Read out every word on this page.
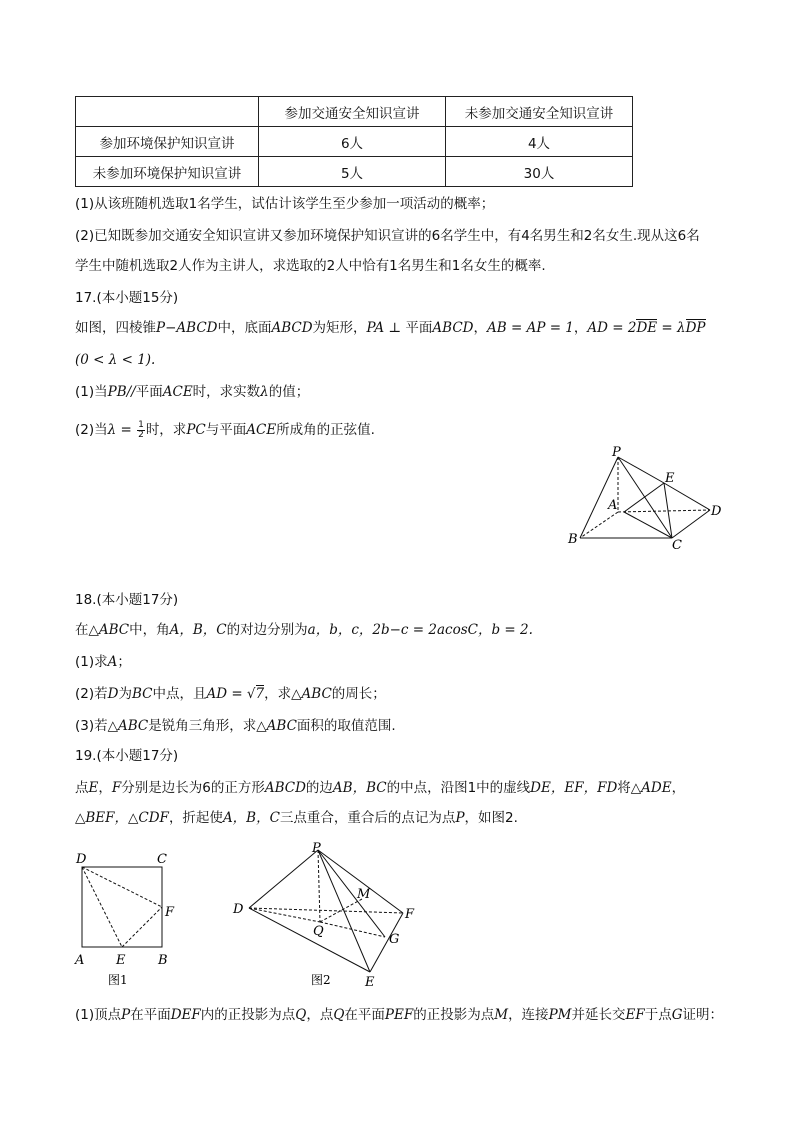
	参加交通安全知识宣讲	未参加交通安全知识宣讲
参加环境保护知识宣讲	6人	4人
未参加环境保护知识宣讲	5人	30人
(1)从该班随机选取1名学生，试估计该学生至少参加一项活动的概率；
(2)已知既参加交通安全知识宣讲又参加环境保护知识宣讲的6名学生中，有4名男生和2名女生.现从这6名
学生中随机选取2人作为主讲人，求选取的2人中恰有1名男生和1名女生的概率.
17.(本小题15分)
如图，四棱锥P−ABCD中，底面ABCD为矩形，PA ⊥ 平面ABCD，AB = AP = 1，AD = 2DE = λDP
(0 < λ < 1).
(1)当PB//平面ACE时，求实数λ的值；
(2)当$\lambda = \frac{1}{2}$ 时，求PC与平面ACE所成角的正弦值.
P
E
A	D
B	C
18.(本小题17分)
在△ABC中，角A，B，C的对边分别为a，b，c，2b−c = 2acosC，b = 2.
(1)求A；
(2)若D为BC中点，且AD = √7，求△ABC的周长；
(3)若△ABC是锐角三角形，求△ABC面积的取值范围.
19.(本小题17分)
点E，F分别是边长为6的正方形ABCD的边AB，BC的中点，沿图1中的虚线DE，EF，FD将△ADE，
△BEF，△CDF，折起使A，B，C三点重合，重合后的点记为点P，如图2.
D	C
F
A E	B
图1
P
M
D	F
Q
G
E
图2
(1)顶点P在平面DEF内的正投影为点Q，点Q在平面PEF的正投影为点M，连接PM并延长交EF于点G证明：
